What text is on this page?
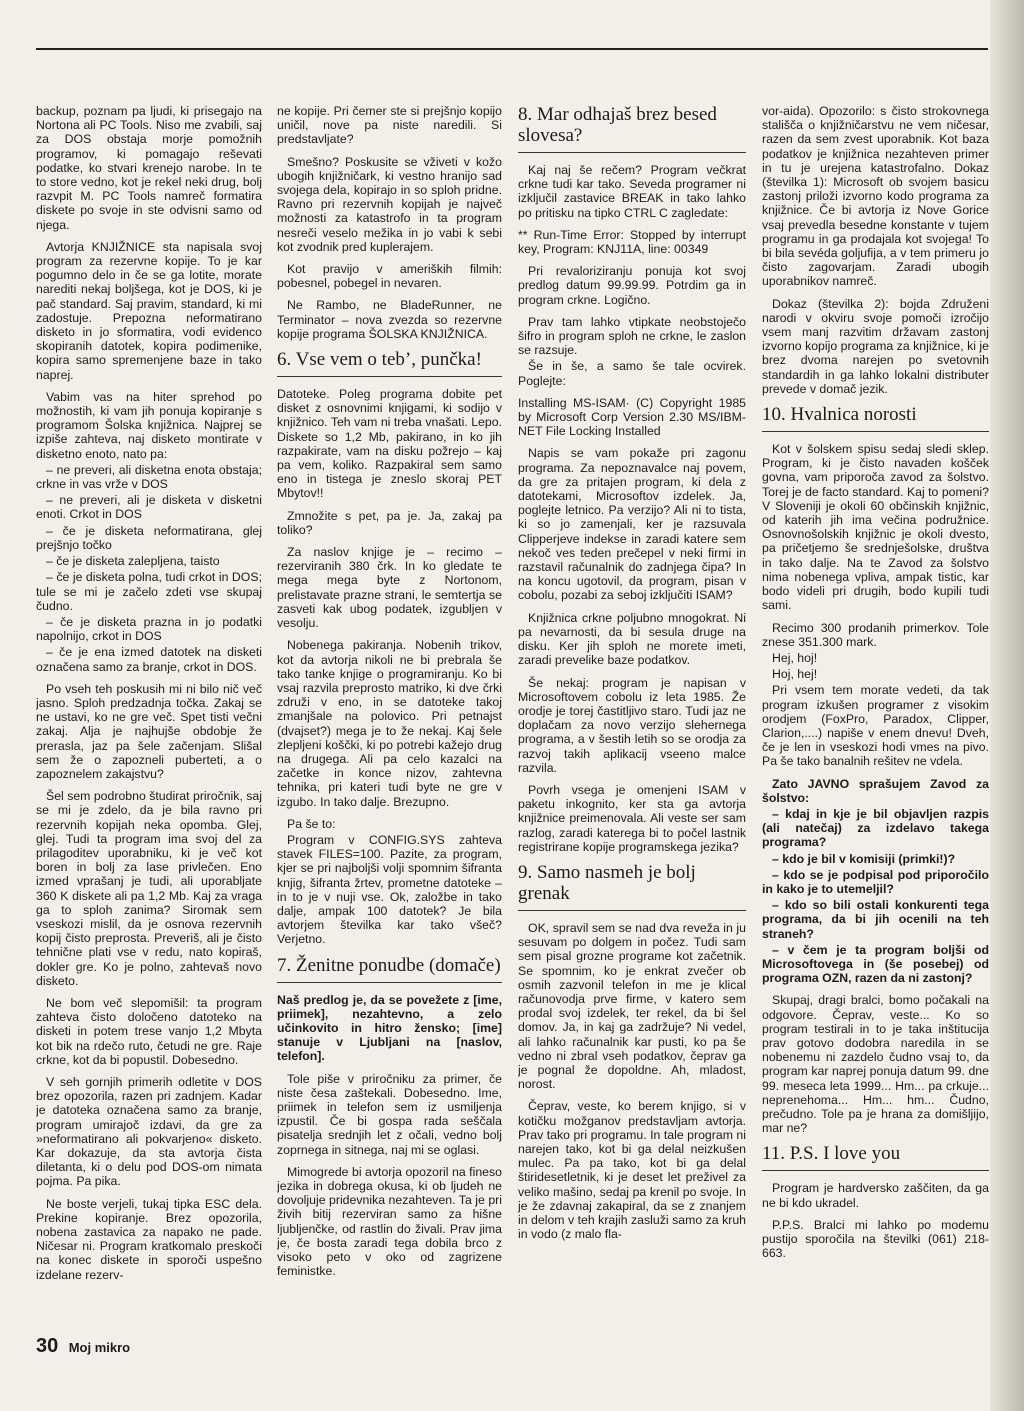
backup, poznam pa ljudi, ki prisegajo na Nortona ali PC Tools. Niso me zvabili, saj za DOS obstaja morje pomožnih programov, ki pomagajo reševati podatke, ko stvari krenejo narobe. In te to store vedno, kot je rekel neki drug, bolj razvpit M. PC Tools namreč formatira diskete po svoje in ste odvisni samo od njega.

Avtorja KNJIŽNICE sta napisala svoj program za rezervne kopije. To je kar pogumno delo in če se ga lotite, morate narediti nekaj boljšega, kot je DOS, ki je pač standard. Saj pravim, standard, ki mi zadostuje. Prepozna neformatirano disketo in jo sformatira, vodi evidenco skopiranih datotek, kopira podimenike, kopira samo spremenjene baze in tako naprej.

Vabim vas na hiter sprehod po možnostih, ki vam jih ponuja kopiranje s programom Šolska knjižnica. Najprej se izpiše zahteva, naj disketo montirate v disketno enoto, nato pa:

– ne preveri, ali disketna enota obstaja; crkne in vas vrže v DOS

– ne preveri, ali je disketa v disketni enoti. Crkot in DOS

– če je disketa neformatirana, glej prejšnjo točko

– če je disketa zalepljena, taisto

– če je disketa polna, tudi crkot in DOS; tule se mi je začelo zdeti vse skupaj čudno.

– če je disketa prazna in jo podatki napolnijo, crkot in DOS

– če je ena izmed datotek na disketi označena samo za branje, crkot in DOS.

Po vseh teh poskusih mi ni bilo nič več jasno. Sploh predzadnja točka. Zakaj se ne ustavi, ko ne gre več. Spet tisti večni zakaj. Alja je najhujše obdobje že prerasla, jaz pa šele začenjam. Slišal sem že o zapozneli puberteti, a o zapoznelem zakajstvu?

Šel sem podrobno študirat priročnik, saj se mi je zdelo, da je bila ravno pri rezervnih kopijah neka opomba. Glej, glej. Tudi ta program ima svoj del za prilagoditev uporabniku, ki je več kot boren in bolj za lase privlečen. Eno izmed vprašanj je tudi, ali uporabljate 360 K diskete ali pa 1,2 Mb. Kaj za vraga ga to sploh zanima? Siromak sem vseskozi mislil, da je osnova rezervnih kopij čisto preprosta. Preveriš, ali je čisto tehnične plati vse v redu, nato kopiraš, dokler gre. Ko je polno, zahtevaš novo disketo.

Ne bom več slepomišil: ta program zahteva čisto določeno datoteko na disketi in potem trese vanjo 1,2 Mbyta kot bik na rdečo ruto, četudi ne gre. Raje crkne, kot da bi popustil. Dobesedno.

V seh gornjih primerih odletite v DOS brez opozorila, razen pri zadnjem. Kadar je datoteka označena samo za branje, program umirajoč izdavi, da gre za »neformatirano ali pokvarjeno« disketo. Kar dokazuje, da sta avtorja čista diletanta, ki o delu pod DOS-om nimata pojma. Pa pika.

Ne boste verjeli, tukaj tipka ESC dela. Prekine kopiranje. Brez opozorila, nobena zastavica za napako ne pade. Ničesar ni. Program kratkomalo preskoči na konec diskete in sporoči uspešno izdelane rezerv-

ne kopije. Pri čemer ste si prejšnjo kopijo uničil, nove pa niste naredili. Si predstavljate?

Smešno? Poskusite se vživeti v kožo ubogih knjižničark, ki vestno hranijo sad svojega dela, kopirajo in so sploh pridne. Ravno pri rezervnih kopijah je največ možnosti za katastrofo in ta program nesreči veselo mežika in jo vabi k sebi kot zvodnik pred kuplerajem.

Kot pravijo v ameriških filmih: pobesnel, pobegel in nevaren.

Ne Rambo, ne BladeRunner, ne Terminator – nova zvezda so rezervne kopije programa ŠOLSKA KNJIŽNICA.

6. Vse vem o teb’, punčka!

Datoteke. Poleg programa dobite pet disket z osnovnimi knjigami, ki sodijo v knjižnico. Teh vam ni treba vnašati. Lepo. Diskete so 1,2 Mb, pakirano, in ko jih razpakirate, vam na disku požrejo – kaj pa vem, koliko. Razpakiral sem samo eno in tistega je zneslo skoraj PET Mbytov!!

Zmnožite s pet, pa je. Ja, zakaj pa toliko?

Za naslov knjige je – recimo – rezerviranih 380 črk. In ko gledate te mega mega byte z Nortonom, prelistavate prazne strani, le semtertja se zasveti kak ubog podatek, izgubljen v vesolju.

Nobenega pakiranja. Nobenih trikov, kot da avtorja nikoli ne bi prebrala še tako tanke knjige o programiranju. Ko bi vsaj razvila preprosto matriko, ki dve črki združi v eno, in se datoteke takoj zmanjšale na polovico. Pri petnajst (dvajset?) mega je to že nekaj. Kaj šele zlepljeni koščki, ki po potrebi kažejo drug na drugega. Ali pa celo kazalci na začetke in konce nizov, zahtevna tehnika, pri kateri tudi byte ne gre v izgubo. In tako dalje. Brezupno.

Pa še to:

Program v CONFIG.SYS zahteva stavek FILES=100. Pazite, za program, kjer se pri najboljši volji spomnim šifranta knjig, šifranta žrtev, prometne datoteke – in to je v nuji vse. Ok, založbe in tako dalje, ampak 100 datotek? Je bila avtorjem številka kar tako všeč? Verjetno.

7. Ženitne ponudbe (domače)

Naš predlog je, da se povežete z [ime, priimek], nezahtevno, a zelo učinkovito in hitro žensko; [ime] stanuje v Ljubljani na [naslov, telefon].

Tole piše v priročniku za primer, če niste česa zaštekali. Dobesedno. Ime, priimek in telefon sem iz usmiljenja izpustil. Če bi gospa rada seščala pisatelja srednjih let z očali, vedno bolj zoprnega in sitnega, naj mi se oglasi.

Mimogrede bi avtorja opozoril na fineso jezika in dobrega okusa, ki ob ljudeh ne dovoljuje pridevnika nezahteven. Ta je pri živih bitij rezerviran samo za hišne ljubljenčke, od rastlin do živali. Prav jima je, če bosta zaradi tega dobila brco z visoko peto v oko od zagrizene feministke.

8. Mar odhajaš brez besed slovesa?

Kaj naj še rečem? Program večkrat crkne tudi kar tako. Seveda programer ni izključil zastavice BREAK in tako lahko po pritisku na tipko CTRL C zagledate:

** Run-Time Error: Stopped by interrupt key, Program: KNJ11A, line: 00349

Pri revaloriziranju ponuja kot svoj predlog datum 99.99.99. Potrdim ga in program crkne. Logično.

Prav tam lahko vtipkate neobstoječo šifro in program sploh ne crkne, le zaslon se razsuje.

Še in še, a samo še tale ocvirek. Poglejte:

Installing MS-ISAM· (C) Copyright 1985 by Microsoft Corp Version 2.30 MS/IBM-NET File Locking Installed

Napis se vam pokaže pri zagonu programa. Za nepoznavalce naj povem, da gre za pritajen program, ki dela z datotekami, Microsoftov izdelek. Ja, poglejte letnico. Pa verzijo? Ali ni to tista, ki so jo zamenjali, ker je razsuvala Clipperjeve indekse in zaradi katere sem nekoč ves teden prečepel v neki firmi in razstavil računalnik do zadnjega čipa? In na koncu ugotovil, da program, pisan v cobolu, pozabi za seboj izključiti ISAM?

Knjižnica crkne poljubno mnogokrat. Ni pa nevarnosti, da bi sesula druge na disku. Ker jih sploh ne morete imeti, zaradi prevelike baze podatkov.

Še nekaj: program je napisan v Microsoftovem cobolu iz leta 1985. Že orodje je torej častitljivo staro. Tudi jaz ne doplačam za novo verzijo slehernega programa, a v šestih letih so se orodja za razvoj takih aplikacij vseeno malce razvila.

Povrh vsega je omenjeni ISAM v paketu inkognito, ker sta ga avtorja knjižnice preimenovala. Ali veste ser sam razlog, zaradi katerega bi to počel lastnik registrirane kopije programskega jezika?

9. Samo nasmeh je bolj grenak

OK, spravil sem se nad dva reveža in ju sesuvam po dolgem in počez. Tudi sam sem pisal grozne programe kot začetnik. Se spomnim, ko je enkrat zvečer ob osmih zazvonil telefon in me je klical računovodja prve firme, v katero sem prodal svoj izdelek, ter rekel, da bi šel domov. Ja, in kaj ga zadržuje? Ni vedel, ali lahko računalnik kar pusti, ko pa še vedno ni zbral vseh podatkov, čeprav ga je pognal že dopoldne. Ah, mladost, norost.

Čeprav, veste, ko berem knjigo, si v kotičku možganov predstavljam avtorja. Prav tako pri programu. In tale program ni narejen tako, kot bi ga delal neizkušen mulec. Pa pa tako, kot bi ga delal štiridesetletnik, ki je deset let preživel za veliko mašino, sedaj pa krenil po svoje. In je že zdavnaj zakapiral, da se z znanjem in delom v teh krajih zasluži samo za kruh in vodo (z malo fla-

vor-aida). Opozorilo: s čisto strokovnega stališča o knjižničarstvu ne vem ničesar, razen da sem zvest uporabnik. Kot baza podatkov je knjižnica nezahteven primer in tu je urejena katastrofalno. Dokaz (številka 1): Microsoft ob svojem basicu zastonj priloži izvorno kodo programa za knjižnice. Če bi avtorja iz Nove Gorice vsaj prevedla besedne konstante v tujem programu in ga prodajala kot svojega! To bi bila sevéda goljufija, a v tem primeru jo čisto zagovarjam. Zaradi ubogih uporabnikov namreč.

Dokaz (številka 2): bojda Združeni narodi v okviru svoje pomoči izročijo vsem manj razvitim državam zastonj izvorno kopijo programa za knjižnice, ki je brez dvoma narejen po svetovnih standardih in ga lahko lokalni distributer prevede v domač jezik.

10. Hvalnica norosti

Kot v šolskem spisu sedaj sledi sklep. Program, ki je čisto navaden košček govna, vam priporoča zavod za šolstvo. Torej je de facto standard. Kaj to pomeni? V Sloveniji je okoli 60 občinskih knjižnic, od katerih jih ima večina podružnice. Osnovnošolskih knjižnic je okoli dvesto, pa pričetjemo še srednješolske, društva in tako dalje. Na te Zavod za šolstvo nima nobenega vpliva, ampak tistic, kar bodo videli pri drugih, bodo kupili tudi sami.

Recimo 300 prodanih primerkov. Tole znese 351.300 mark.

Hej, hoj!

Hoj, hej!

Pri vsem tem morate vedeti, da tak program izkušen programer z visokim orodjem (FoxPro, Paradox, Clipper, Clarion,....) napiše v enem dnevu! Dveh, če je len in vseskozi hodi vmes na pivo. Pa še tako banalnih rešitev ne vdela.

Zato JAVNO sprašujem Zavod za šolstvo:

– kdaj in kje je bil objavljen razpis (ali natečaj) za izdelavo takega programa?

– kdo je bil v komisiji (primki!)?

– kdo se je podpisal pod priporočilo in kako je to utemeljil?

– kdo so bili ostali konkurenti tega programa, da bi jih ocenili na teh straneh?

– v čem je ta program boljši od Microsoftovega in (še posebej) od programa OZN, razen da ni zastonj?

Skupaj, dragi bralci, bomo počakali na odgovore. Čeprav, veste... Ko so program testirali in to je taka inštitucija prav gotovo dodobra naredila in se nobenemu ni zazdelo čudno vsaj to, da program kar naprej ponuja datum 99. dne 99. meseca leta 1999... Hm... pa crkuje... neprenehoma... Hm... hm... Čudno, prečudno. Tole pa je hrana za domišljijo, mar ne?

11. P.S. I love you

Program je hardversko zaščiten, da ga ne bi kdo ukradel.

P.P.S. Bralci mi lahko po modemu pustijo sporočila na številki (061) 218-663.

30 Moj mikro
